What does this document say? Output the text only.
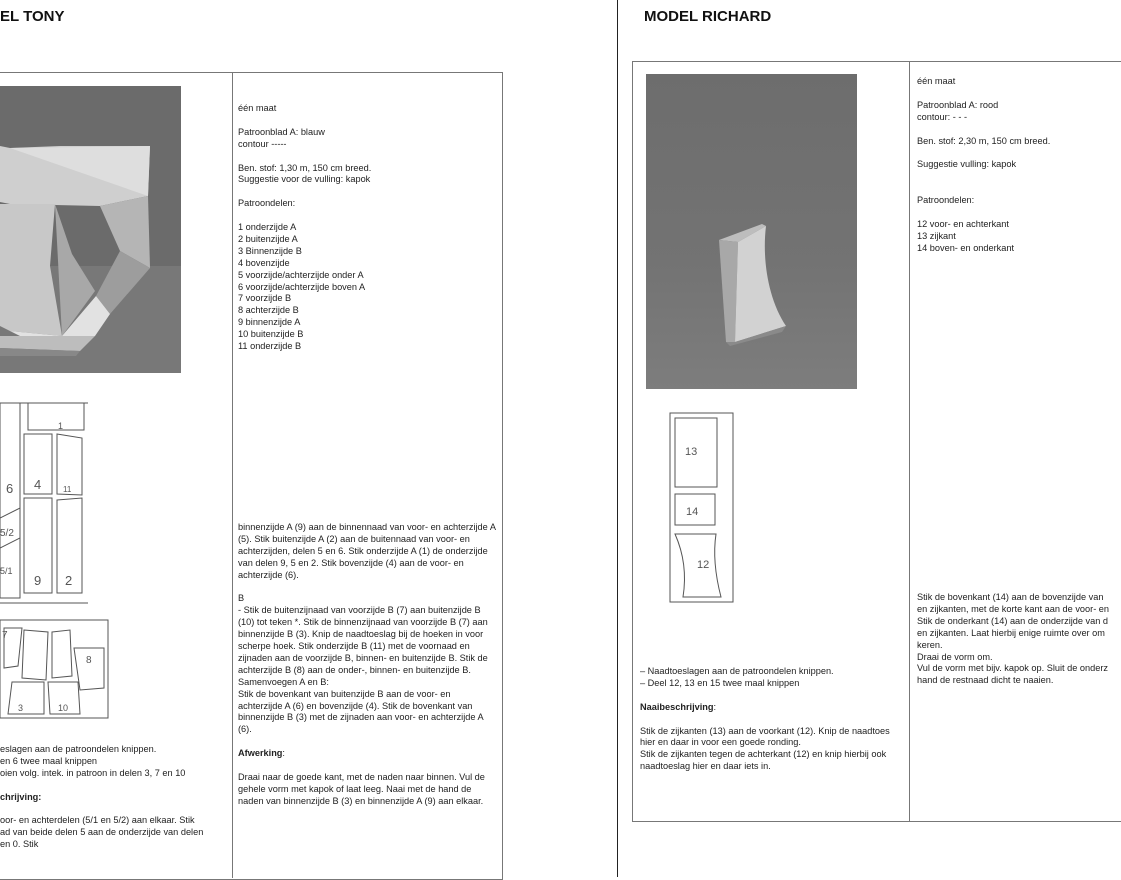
EL TONY
1
6 4	11
5/2
5/1
9 2
7
8
3	10

één maat

Patroonblad A: blauw

contour -----

Ben. stof: 1,30 m, 150 cm breed.

Suggestie voor de vulling: kapok

Patroondelen:

1 onderzijde A
2 buitenzijde A
3 Binnenzijde B
4 bovenzijde
5 voorzijde/achterzijde onder A
6 voorzijde/achterzijde boven A
7 voorzijde B
8 achterzijde B
9 binnenzijde A
10 buitenzijde B
11 onderzijde B

binnenzijde A (9) aan de binnennaad van voor- en achterzijde A (5). Stik buitenzijde A (2) aan de buitennaad van voor- en achterzijden, delen 5 en 6. Stik onderzijde A (1) de onderzijde van delen 9, 5 en 2. Stik bovenzijde (4) aan de voor- en achterzijde (6).

B
- Stik de buitenzijnaad van voorzijde B (7) aan buitenzijde B (10) tot teken *. Stik de binnenzijnaad van voorzijde B (7) aan binnenzijde B (3). Knip de naadtoeslag bij de hoeken in voor scherpe hoek. Stik onderzijde B (11) met de voornaad en zijnaden aan de voorzijde B, binnen- en buitenzijde B. Stik de achterzijde B (8) aan de onder-, binnen- en buitenzijde B.
Samenvoegen A en B:

Stik de bovenkant van buitenzijde B aan de voor- en achterzijde A (6) en bovenzijde (4). Stik de bovenkant van binnenzijde B (3) met de zijnaden aan voor- en achterzijde A (6).

Afwerking:

Draai naar de goede kant, met de naden naar binnen. Vul de gehele vorm met kapok of laat leeg. Naai met de hand de naden van binnenzijde B (3) en binnenzijde A (9) aan elkaar.
eslagen aan de patroondelen knippen.
en 6 twee maal knippen
oien volg. intek. in patroon in delen 3, 7 en 10
chrijving:
oor- en achterdelen (5/1 en 5/2) aan elkaar. Stik
ad van beide delen 5 aan de onderzijde van delen
en 0. Stik
MODEL RICHARD
13
14
12

één maat

Patroonblad A: rood

contour: - - -

Ben. stof: 2,30 m, 150 cm breed.

Suggestie vulling: kapok

Patroondelen:

12 voor- en achterkant
13 zijkant
14 boven- en onderkant
– Naadtoeslagen aan de patroondelen knippen.
– Deel 12, 13 en 15 twee maal knippen
Naaibeschrijving:
Stik de zijkanten (13) aan de voorkant (12). Knip de naadtoes
hier en daar in voor een goede ronding.
Stik de zijkanten tegen de achterkant (12) en knip hierbij ook
naadtoeslag hier en daar iets in.
Stik de bovenkant (14) aan de bovenzijde van
en zijkanten, met de korte kant aan de voor- en
Stik de onderkant (14) aan de onderzijde van d
en zijkanten. Laat hierbij enige ruimte over om
keren.
Draai de vorm om.
Vul de vorm met bijv. kapok op. Sluit de onderz
hand de restnaad dicht te naaien.
